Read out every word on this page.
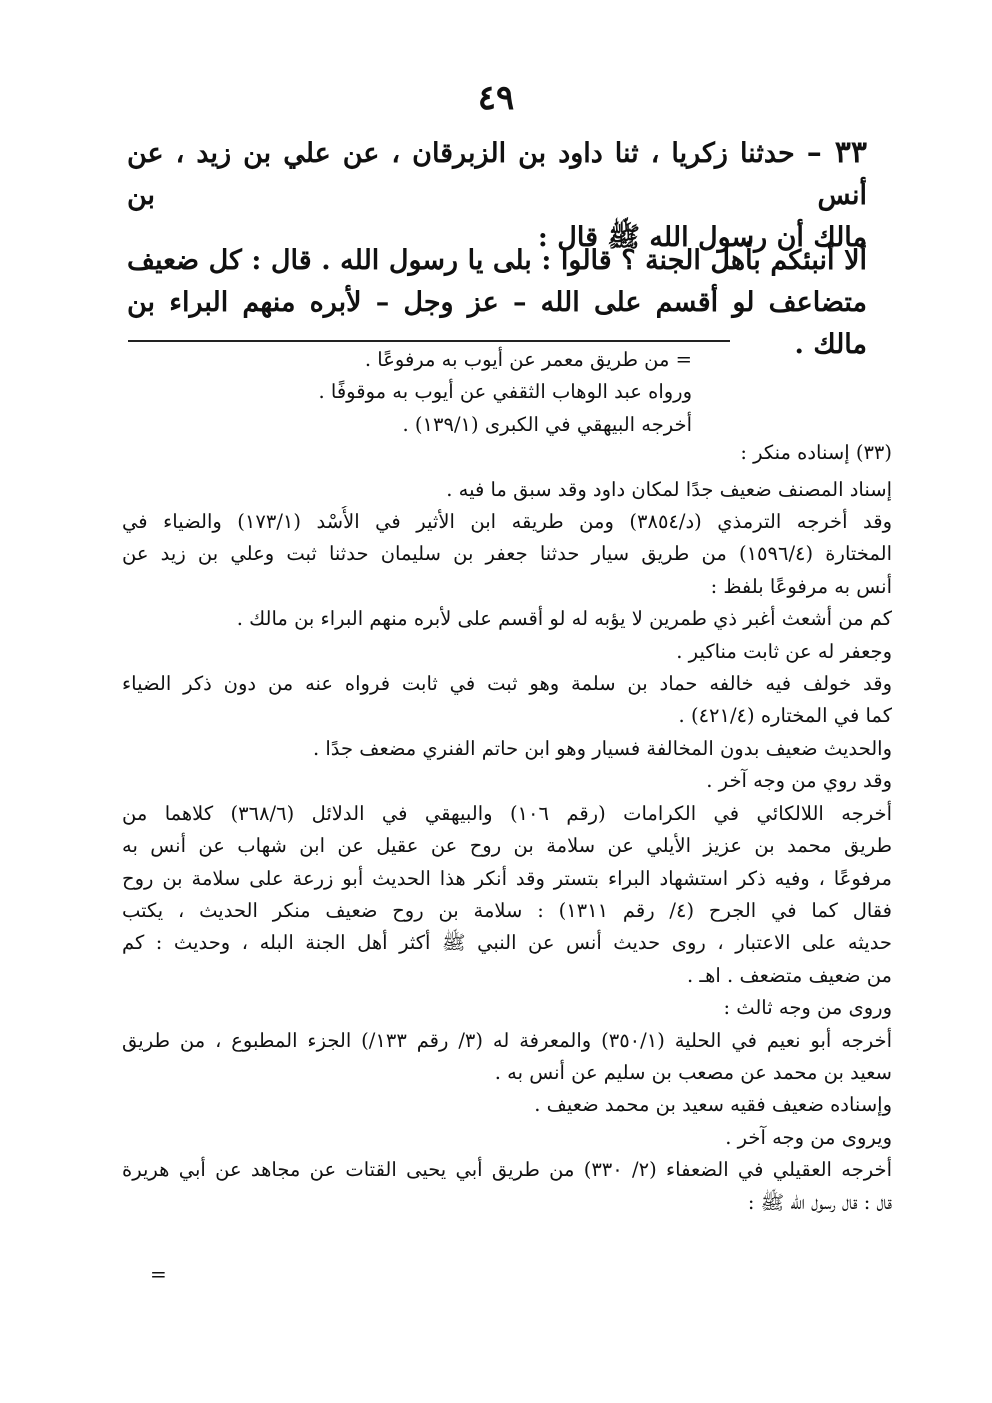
٤٩
٣٣ – حدثنا زكريا ، ثنا داود بن الزبرقان ، عن علي بن زيد ، عن أنس بن
مالك أن رسول الله ﷺ قال :
ألا أنبئكم بأهل الجنة ؟ قالوا : بلى يا رسول الله . قال : كل ضعيف
متضاعف لو أقسم على الله – عز وجل – لأبره منهم البراء بن مالك .
= من طريق معمر عن أيوب به مرفوعًا .
ورواه عبد الوهاب الثقفي عن أيوب به موقوفًا .
أخرجه البيهقي في الكبرى (١٣٩/١) .
(٣٣) إسناده منكر :
إسناد المصنف ضعيف جدًا لمكان داود وقد سبق ما فيه .
وقد أخرجه الترمذي (د/٣٨٥٤) ومن طريقه ابن الأثير في الأُسْد (١٧٣/١) والضياء في
المختارة (١٥٩٦/٤) من طريق سيار حدثنا جعفر بن سليمان حدثنا ثبت وعلي بن زيد عن
أنس به مرفوعًا بلفظ :
كم من أشعث أغبر ذي طمرين لا يؤبه له لو أقسم على لأبره منهم البراء بن مالك .
وجعفر له عن ثابت مناكير .
وقد خولف فيه خالفه حماد بن سلمة وهو ثبت في ثابت فرواه عنه من دون ذكر الضياء
كما في المختاره (٤٢١/٤) .
والحديث ضعيف بدون المخالفة فسيار وهو ابن حاتم الفنري مضعف جدًا .
وقد روي من وجه آخر .
أخرجه اللالكائي في الكرامات (رقم ١٠٦) والبيهقي في الدلائل (٣٦٨/٦) كلاهما من
طريق محمد بن عزيز الأيلي عن سلامة بن روح عن عقيل عن ابن شهاب عن أنس به
مرفوعًا ، وفيه ذكر استشهاد البراء بتستر وقد أنكر هذا الحديث أبو زرعة على سلامة بن روح
فقال كما في الجرح (٤/ رقم ١٣١١) : سلامة بن روح ضعيف منكر الحديث ، يكتب
حديثه على الاعتبار ، روى حديث أنس عن النبي ﷺ أكثر أهل الجنة البله ، وحديث : كم
من ضعيف متضعف . اهـ .
وروى من وجه ثالث :
أخرجه أبو نعيم في الحلية (٣٥٠/١) والمعرفة له (٣/ رقم ١٣٣/) الجزء المطبوع ، من طريق
سعيد بن محمد عن مصعب بن سليم عن أنس به .
وإسناده ضعيف فقيه سعيد بن محمد ضعيف .
ويروى من وجه آخر .
أخرجه العقيلي في الضعفاء (٢/ ٣٣٠) من طريق أبي يحيى القتات عن مجاهد عن أبي هريرة
قال : قال رسول الله ﷺ :
=
